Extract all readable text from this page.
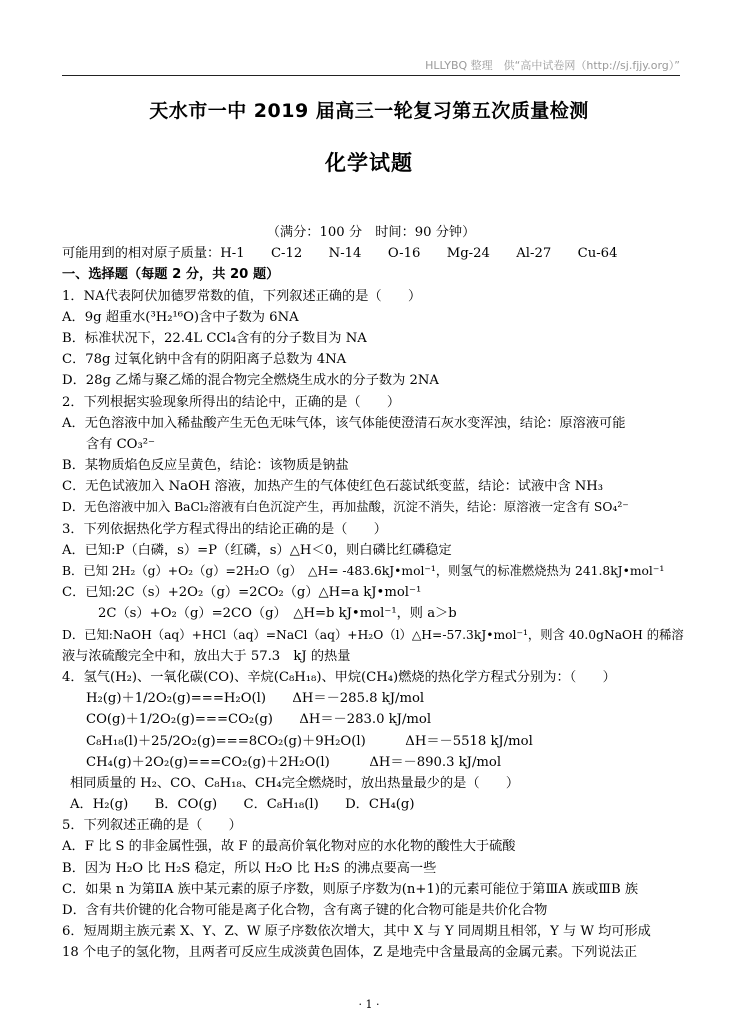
HLLYBQ 整理　供“高中试卷网（http://sj.fjjy.org）”
天水市一中 2019 届高三一轮复习第五次质量检测
化学试题
（满分：100 分　时间：90 分钟）
可能用到的相对原子质量：H-1　　C-12　　N-14　　O-16　　Mg-24　　Al-27　　Cu-64
一、选择题（每题 2 分，共 20 题）
1．NA代表阿伏加德罗常数的值，下列叙述正确的是（　　）
A．9g 超重水(³H₂¹⁶O)含中子数为 6NA
B．标准状况下，22.4L CCl₄含有的分子数目为 NA
C．78g 过氧化钠中含有的阴阳离子总数为 4NA
D．28g 乙烯与聚乙烯的混合物完全燃烧生成水的分子数为 2NA
2．下列根据实验现象所得出的结论中，正确的是（　　）
A．无色溶液中加入稀盐酸产生无色无味气体，该气体能使澄清石灰水变浑浊，结论：原溶液可能
含有 CO₃²⁻
B．某物质焰色反应呈黄色，结论：该物质是钠盐
C．无色试液加入 NaOH 溶液，加热产生的气体使红色石蕊试纸变蓝，结论：试液中含 NH₃
D．无色溶液中加入 BaCl₂溶液有白色沉淀产生，再加盐酸，沉淀不消失，结论：原溶液一定含有 SO₄²⁻
3．下列依据热化学方程式得出的结论正确的是（　　）
A．已知:P（白磷，s）=P（红磷，s）△H＜0，则白磷比红磷稳定
B．已知 2H₂（g）+O₂（g）=2H₂O（g）　△H= -483.6kJ•mol⁻¹，则氢气的标准燃烧热为 241.8kJ•mol⁻¹
C．已知:2C（s）+2O₂（g）=2CO₂（g）△H=a kJ•mol⁻¹
2C（s）+O₂（g）=2CO（g）　△H=b kJ•mol⁻¹，则 a＞b
D．已知:NaOH（aq）+HCl（aq）=NaCl（aq）+H₂O（l）△H=-57.3kJ•mol⁻¹，则含 40.0gNaOH 的稀溶
液与浓硫酸完全中和，放出大于 57.3　kJ 的热量
4．氢气(H₂)、一氧化碳(CO)、辛烷(C₈H₁₈)、甲烷(CH₄)燃烧的热化学方程式分别为：（　　）
H₂(g)＋1/2O₂(g)===H₂O(l)　　ΔH＝－285.8 kJ/mol
CO(g)＋1/2O₂(g)===CO₂(g)　　ΔH＝－283.0 kJ/mol
C₈H₁₈(l)＋25/2O₂(g)===8CO₂(g)＋9H₂O(l)　　　ΔH＝－5518 kJ/mol
CH₄(g)＋2O₂(g)===CO₂(g)＋2H₂O(l)　　　ΔH＝－890.3 kJ/mol
相同质量的 H₂、CO、C₈H₁₈、CH₄完全燃烧时，放出热量最少的是（　　）
A．H₂(g)　　B．CO(g)　　C．C₈H₁₈(l)　　D．CH₄(g)
5．下列叙述正确的是（　　）
A．F 比 S 的非金属性强，故 F 的最高价氧化物对应的水化物的酸性大于硫酸
B．因为 H₂O 比 H₂S 稳定，所以 H₂O 比 H₂S 的沸点要高一些
C．如果 n 为第ⅡA 族中某元素的原子序数，则原子序数为(n+1)的元素可能位于第ⅢA 族或ⅢB 族
D．含有共价键的化合物可能是离子化合物，含有离子键的化合物可能是共价化合物
6．短周期主族元素 X、Y、Z、W 原子序数依次增大，其中 X 与 Y 同周期且相邻，Y 与 W 均可形成
18 个电子的氢化物，且两者可反应生成淡黄色固体，Z 是地壳中含量最高的金属元素。下列说法正
· 1 ·
